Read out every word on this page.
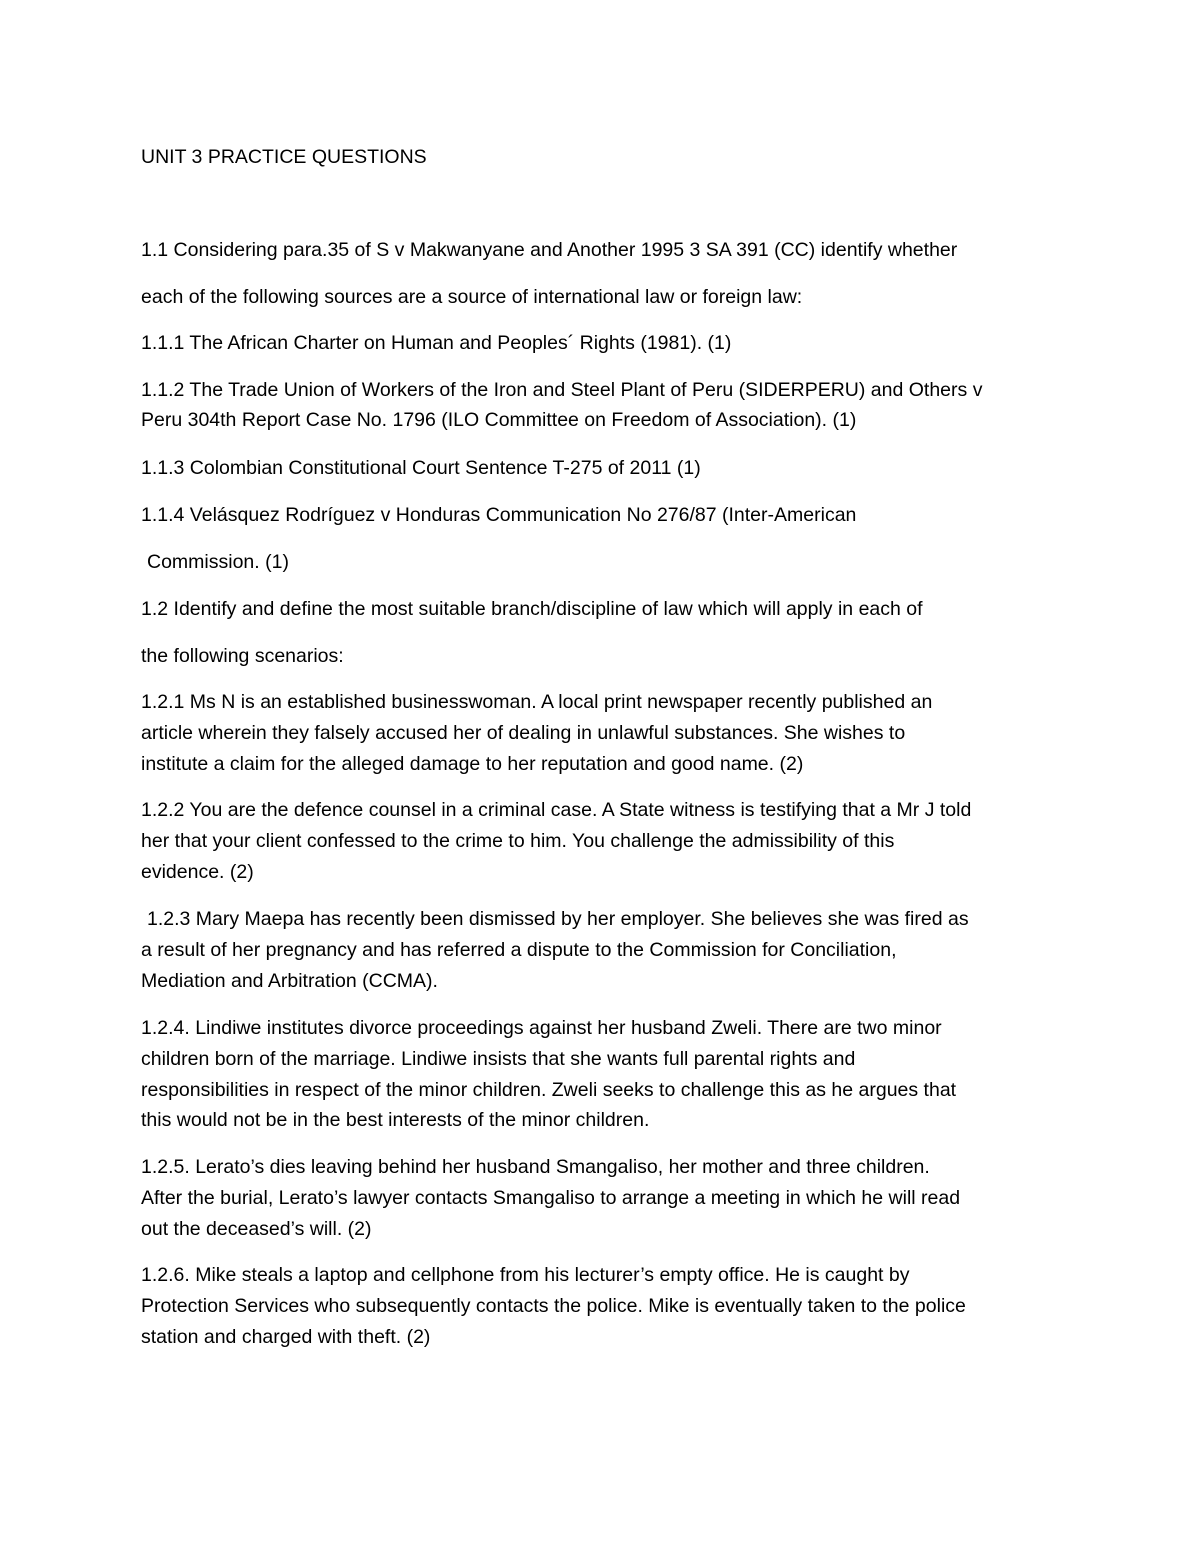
UNIT 3 PRACTICE QUESTIONS
1.1 Considering para.35 of S v Makwanyane and Another 1995 3 SA 391 (CC) identify whether
each of the following sources are a source of international law or foreign law:
1.1.1 The African Charter on Human and Peoples´ Rights (1981). (1)
1.1.2 The Trade Union of Workers of the Iron and Steel Plant of Peru (SIDERPERU) and Others v
Peru 304th Report Case No. 1796 (ILO Committee on Freedom of Association). (1)
1.1.3 Colombian Constitutional Court Sentence T-275 of 2011 (1)
1.1.4 Velásquez Rodríguez v Honduras Communication No 276/87 (Inter-American
Commission. (1)
1.2 Identify and define the most suitable branch/discipline of law which will apply in each of
the following scenarios:
1.2.1 Ms N is an established businesswoman. A local print newspaper recently published an
article wherein they falsely accused her of dealing in unlawful substances. She wishes to
institute a claim for the alleged damage to her reputation and good name. (2)
1.2.2 You are the defence counsel in a criminal case. A State witness is testifying that a Mr J told
her that your client confessed to the crime to him. You challenge the admissibility of this
evidence. (2)
1.2.3 Mary Maepa has recently been dismissed by her employer. She believes she was fired as
a result of her pregnancy and has referred a dispute to the Commission for Conciliation,
Mediation and Arbitration (CCMA).
1.2.4. Lindiwe institutes divorce proceedings against her husband Zweli. There are two minor
children born of the marriage. Lindiwe insists that she wants full parental rights and
responsibilities in respect of the minor children. Zweli seeks to challenge this as he argues that
this would not be in the best interests of the minor children.
1.2.5. Lerato’s dies leaving behind her husband Smangaliso, her mother and three children.
After the burial, Lerato’s lawyer contacts Smangaliso to arrange a meeting in which he will read
out the deceased’s will. (2)
1.2.6. Mike steals a laptop and cellphone from his lecturer’s empty office. He is caught by
Protection Services who subsequently contacts the police. Mike is eventually taken to the police
station and charged with theft. (2)
